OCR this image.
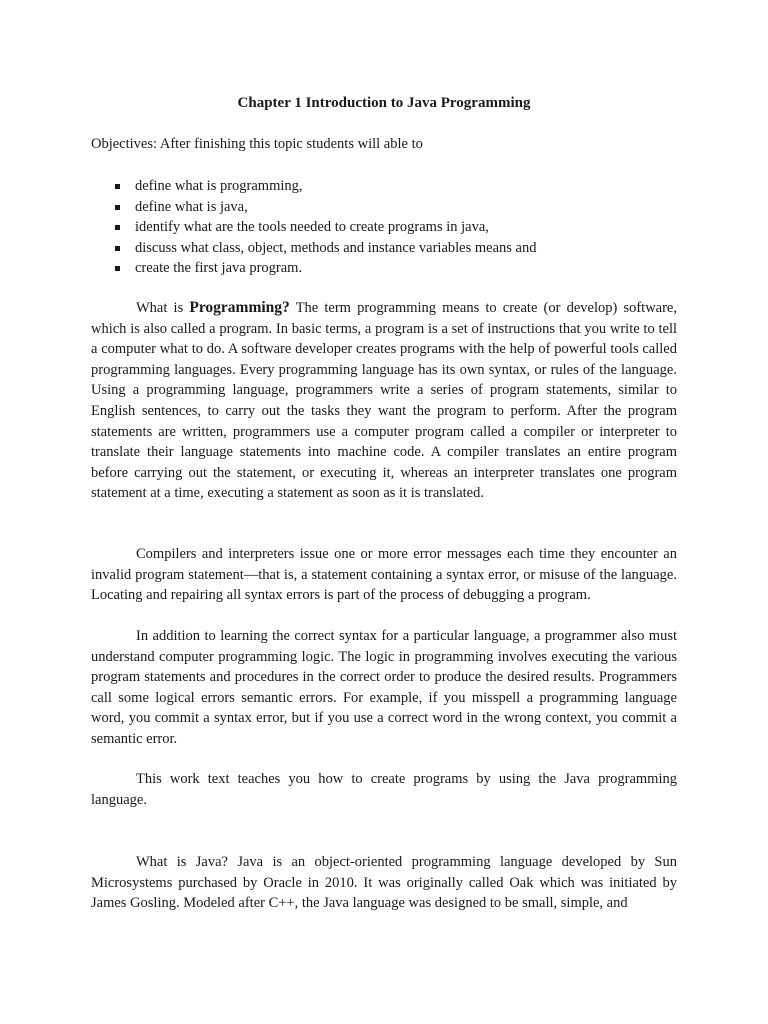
Chapter 1 Introduction to Java Programming

Objectives: After finishing this topic students will able to

define what is programming,
define what is java,
identify what are the tools needed to create programs in java,
discuss what class, object, methods and instance variables means and
create the first java program.

What is Programming? The term programming means to create (or develop) software, which is also called a program. In basic terms, a program is a set of instructions that you write to tell a computer what to do. A software developer creates programs with the help of powerful tools called programming languages. Every programming language has its own syntax, or rules of the language. Using a programming language, programmers write a series of program statements, similar to English sentences, to carry out the tasks they want the program to perform. After the program statements are written, programmers use a computer program called a compiler or interpreter to translate their language statements into machine code. A compiler translates an entire program before carrying out the statement, or executing it, whereas an interpreter translates one program statement at a time, executing a statement as soon as it is translated.

Compilers and interpreters issue one or more error messages each time they encounter an invalid program statement—that is, a statement containing a syntax error, or misuse of the language. Locating and repairing all syntax errors is part of the process of debugging a program.

In addition to learning the correct syntax for a particular language, a programmer also must understand computer programming logic. The logic in programming involves executing the various program statements and procedures in the correct order to produce the desired results. Programmers call some logical errors semantic errors. For example, if you misspell a programming language word, you commit a syntax error, but if you use a correct word in the wrong context, you commit a semantic error.

This work text teaches you how to create programs by using the Java programming language.

What is Java? Java is an object-oriented programming language developed by Sun Microsystems purchased by Oracle in 2010. It was originally called Oak which was initiated by James Gosling. Modeled after C++, the Java language was designed to be small, simple, and
